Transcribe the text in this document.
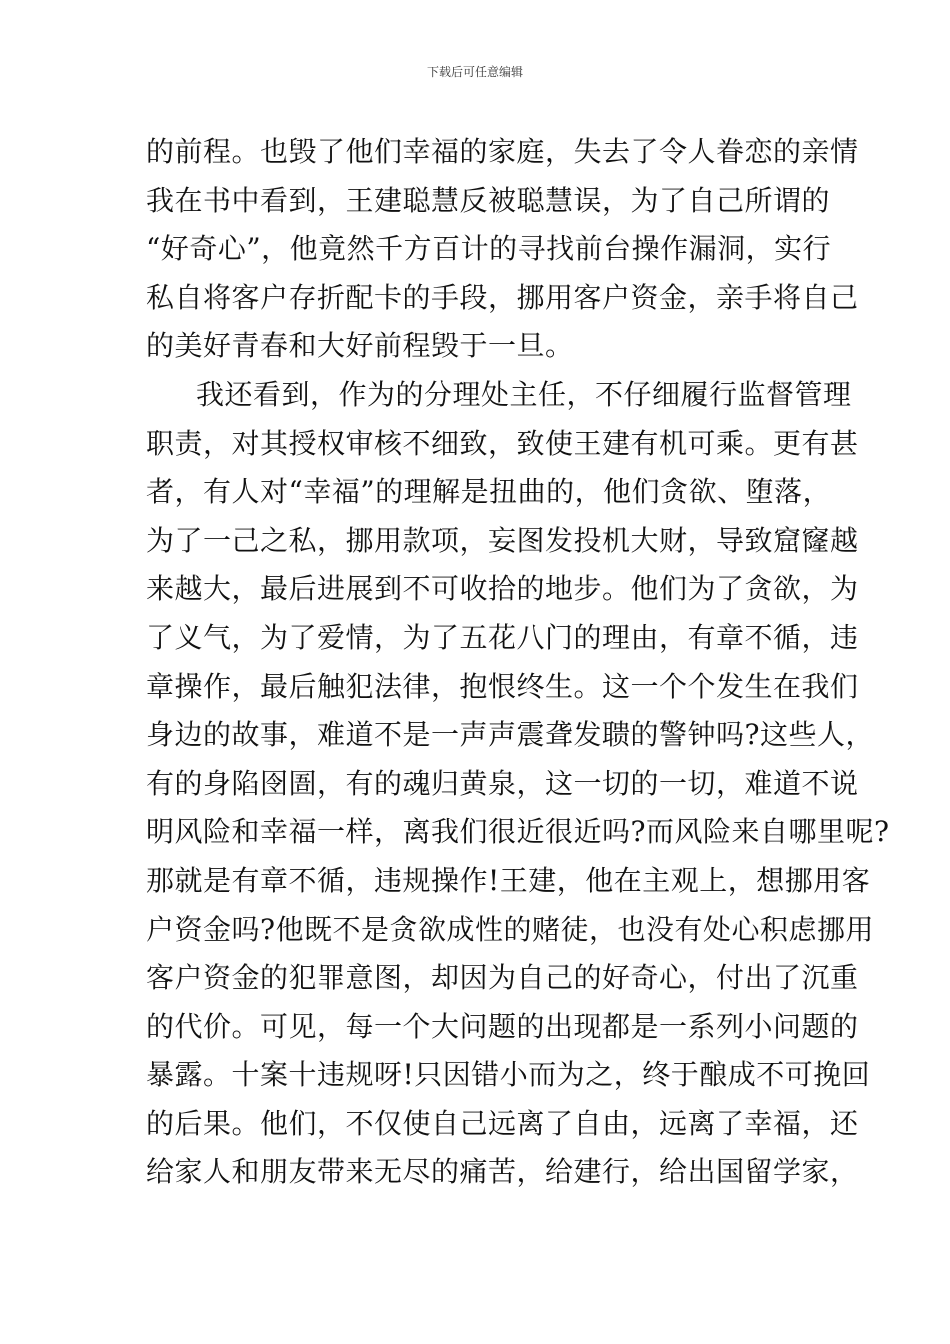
下载后可任意编辑
的前程。也毁了他们幸福的家庭，失去了令人眷恋的亲情
我在书中看到，王建聪慧反被聪慧误，为了自己所谓的
“好奇心”，他竟然千方百计的寻找前台操作漏洞，实行
私自将客户存折配卡的手段，挪用客户资金，亲手将自己
的美好青春和大好前程毁于一旦。
我还看到，作为的分理处主任，不仔细履行监督管理
职责，对其授权审核不细致，致使王建有机可乘。更有甚
者，有人对“幸福”的理解是扭曲的，他们贪欲、堕落，
为了一己之私，挪用款项，妄图发投机大财，导致窟窿越
来越大，最后进展到不可收拾的地步。他们为了贪欲，为
了义气，为了爱情，为了五花八门的理由，有章不循，违
章操作，最后触犯法律，抱恨终生。这一个个发生在我们
身边的故事，难道不是一声声震聋发聩的警钟吗?这些人，
有的身陷囹圄，有的魂归黄泉，这一切的一切，难道不说
明风险和幸福一样，离我们很近很近吗?而风险来自哪里呢?
那就是有章不循，违规操作!王建，他在主观上，想挪用客
户资金吗?他既不是贪欲成性的赌徒，也没有处心积虑挪用
客户资金的犯罪意图，却因为自己的好奇心，付出了沉重
的代价。可见，每一个大问题的出现都是一系列小问题的
暴露。十案十违规呀!只因错小而为之，终于酿成不可挽回
的后果。他们，不仅使自己远离了自由，远离了幸福，还
给家人和朋友带来无尽的痛苦，给建行，给出国留学家，
